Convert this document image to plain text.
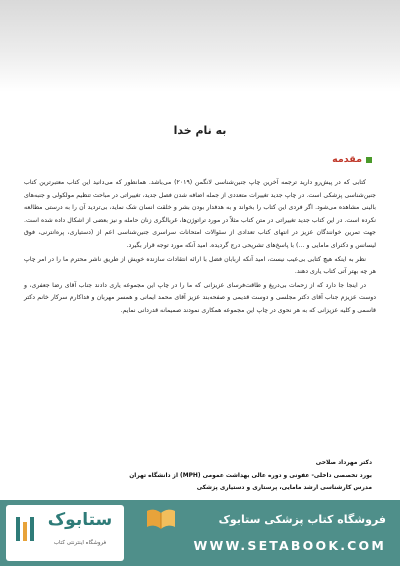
به نام خدا
مقدمه

کتابی که در پیش‌رو دارید ترجمه آخرین چاپ جنین‌شناسی لانگمن (۲۰۱۹) می‌باشد. همانطور که می‌دانید این کتاب معتبرترین کتاب جنین‌شناسی پزشکی است. در چاپ جدید تغییرات متعددی از جمله اضافه شدن فصل جدید، تغییراتی در مباحث تنظیم مولکولی و جنبه‌های بالینی مشاهده می‌شود. اگر فردی این کتاب را بخواند و به هدفدار بودن بشر و خلقت انسان شک نماید، بی‌تردید آن را به درستی مطالعه نکرده است. در این کتاب جدید تغییراتی در متن کتاب مثلاً در مورد تراتوژن‌ها، غربالگری زنان حامله و نیز بعضی از اشکال داده شده است. جهت تمرین خوانندگان عزیز در انتهای کتاب تعدادی از سئوالات امتحانات سراسری جنین‌شناسی اعم از (دستیاری، پره‌انترنی، فوق لیسانس و دکترای مامایی و …) با پاسخ‌های تشریحی درج گردیده. امید آنکه مورد توجه قرار بگیرد.

نظر به اینکه هیچ کتابی بی‌عیب نیست، امید آنکه اربابان فضل با ارائه انتقادات سازنده خویش از طریق ناشر محترم ما را در امر چاپ هر چه بهتر آتی کتاب یاری دهند.

در اینجا جا دارد که از زحمات بی‌دریغ و طاقت‌فرسای عزیزانی که ما را در چاپ این مجموعه یاری دادند جناب آقای رضا جعفری، و دوست عزیزم جناب آقای دکتر مجلسی و دوست قدیمی و صفحه‌بند عزیز آقای محمد ایمانی و همسر مهربان و فداکارم سرکار خانم دکتر قاسمی و کلیه عزیزانی که به هر نحوی در چاپ این مجموعه همکاری نمودند صمیمانه قدردانی نمایم.

دکتر مهرداد صلاحی
بورد تخصصی داخلی- عفونی و دوره عالی بهداشت عمومی (MPH) از دانشگاه تهران
مدرس کارشناسی ارشد مامایی، پرستاری و دستیاری پزشکی
ستابوک
فروشگاه اینترنتی کتاب
فروشگاه کتاب پزشکی ستابوک
WWW.SETABOOK.COM
